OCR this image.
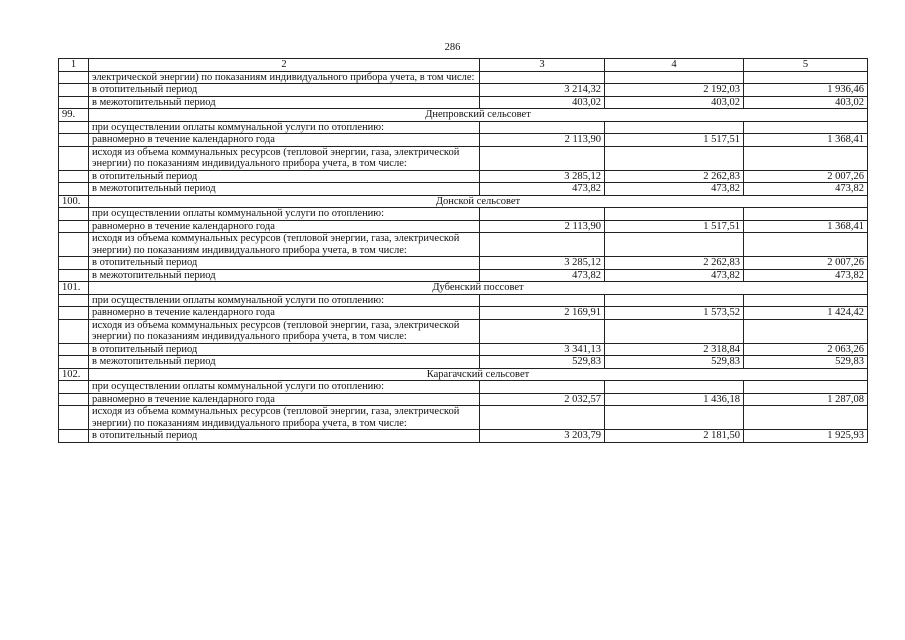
286
1	2	3	4	5
	электрической энергии) по показаниям индивидуального прибора учета, в том числе:			
	в отопительный период	3 214,32	2 192,03	1 936,46
	в межотопительный период	403,02	403,02	403,02
99.	Днепровский сельсовет			
	при осуществлении оплаты коммунальной услуги по отоплению:			
	равномерно в течение календарного года	2 113,90	1 517,51	1 368,41
	исходя из объема коммунальных ресурсов (тепловой энергии, газа, электрической энергии) по показаниям индивидуального прибора учета, в том числе:			
	в отопительный период	3 285,12	2 262,83	2 007,26
	в межотопительный период	473,82	473,82	473,82
100.	Донской сельсовет			
	при осуществлении оплаты коммунальной услуги по отоплению:			
	равномерно в течение календарного года	2 113,90	1 517,51	1 368,41
	исходя из объема коммунальных ресурсов (тепловой энергии, газа, электрической энергии) по показаниям индивидуального прибора учета, в том числе:			
	в отопительный период	3 285,12	2 262,83	2 007,26
	в межотопительный период	473,82	473,82	473,82
101.	Дубенский поссовет			
	при осуществлении оплаты коммунальной услуги по отоплению:			
	равномерно в течение календарного года	2 169,91	1 573,52	1 424,42
	исходя из объема коммунальных ресурсов (тепловой энергии, газа, электрической энергии) по показаниям индивидуального прибора учета, в том числе:			
	в отопительный период	3 341,13	2 318,84	2 063,26
	в межотопительный период	529,83	529,83	529,83
102.	Карагачский сельсовет			
	при осуществлении оплаты коммунальной услуги по отоплению:			
	равномерно в течение календарного года	2 032,57	1 436,18	1 287,08
	исходя из объема коммунальных ресурсов (тепловой энергии, газа, электрической энергии) по показаниям индивидуального прибора учета, в том числе:			
	в отопительный период	3 203,79	2 181,50	1 925,93
